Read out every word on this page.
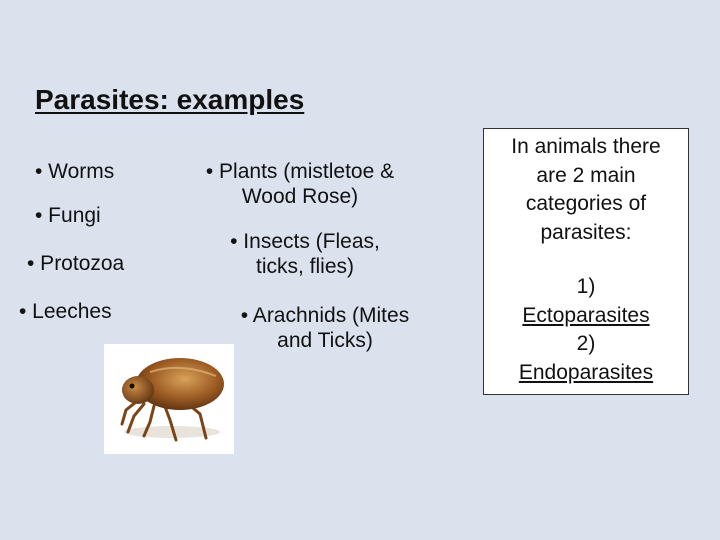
Parasites: examples
• Worms
• Fungi
• Protozoa
• Leeches
• Plants (mistletoe &
Wood Rose)
• Insects (Fleas,
ticks, flies)
• Arachnids (Mites
and Ticks)
In animals there
are 2 main
categories of
parasites:
1)
Ectoparasites
2)
Endoparasites
